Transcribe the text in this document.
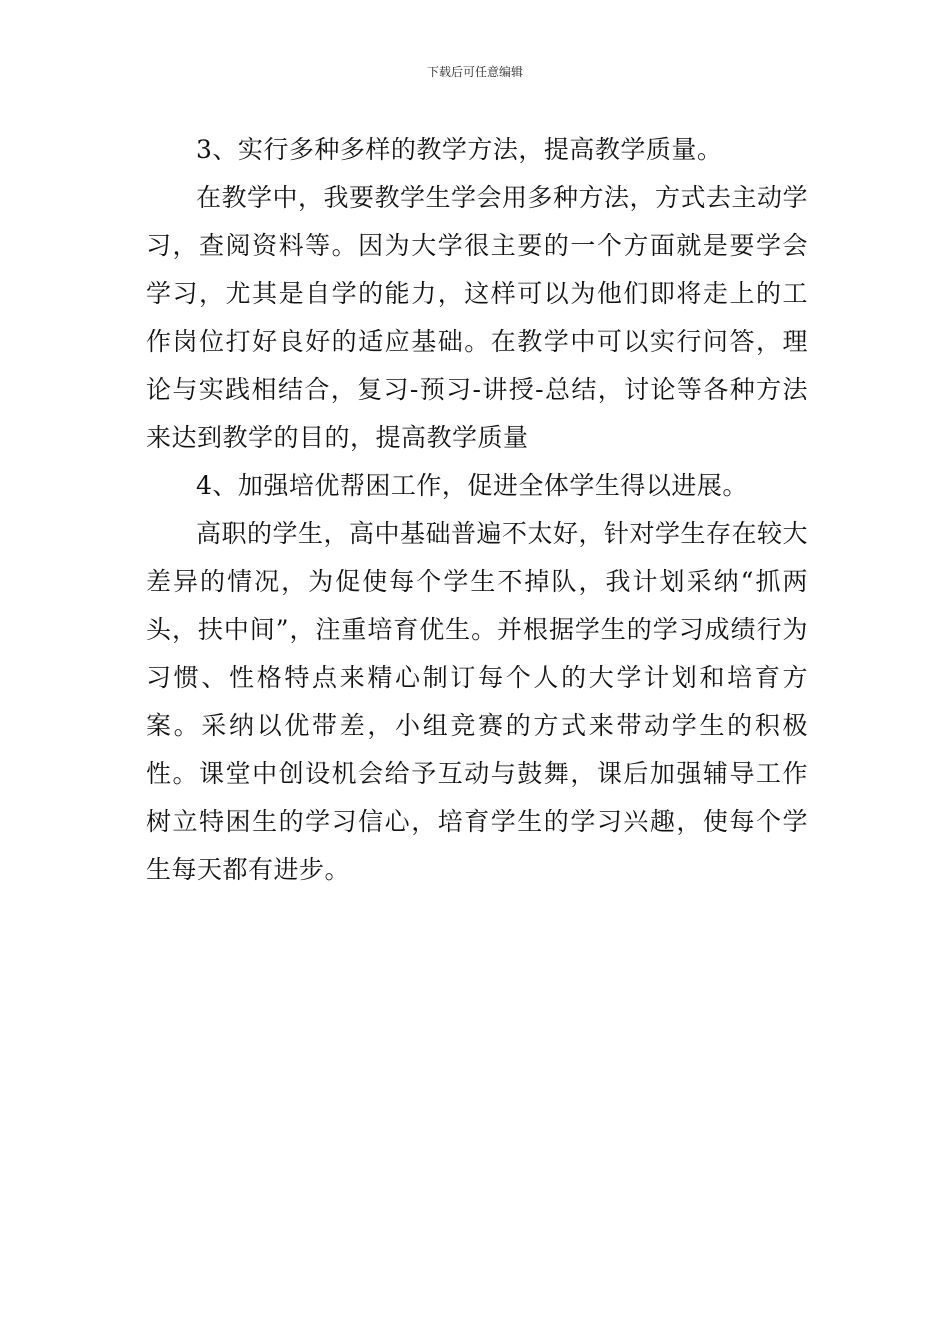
下载后可任意编辑

3、实行多种多样的教学方法，提高教学质量。

在教学中，我要教学生学会用多种方法，方式去主动学习，查阅资料等。因为大学很主要的一个方面就是要学会学习，尤其是自学的能力，这样可以为他们即将走上的工作岗位打好良好的适应基础。在教学中可以实行问答，理论与实践相结合，复习-预习-讲授-总结，讨论等各种方法来达到教学的目的，提高教学质量

4、加强培优帮困工作，促进全体学生得以进展。

高职的学生，高中基础普遍不太好，针对学生存在较大差异的情况，为促使每个学生不掉队，我计划采纳“抓两头，扶中间”，注重培育优生。并根据学生的学习成绩行为习惯、性格特点来精心制订每个人的大学计划和培育方案。采纳以优带差，小组竞赛的方式来带动学生的积极性。课堂中创设机会给予互动与鼓舞，课后加强辅导工作树立特困生的学习信心，培育学生的学习兴趣，使每个学生每天都有进步。
